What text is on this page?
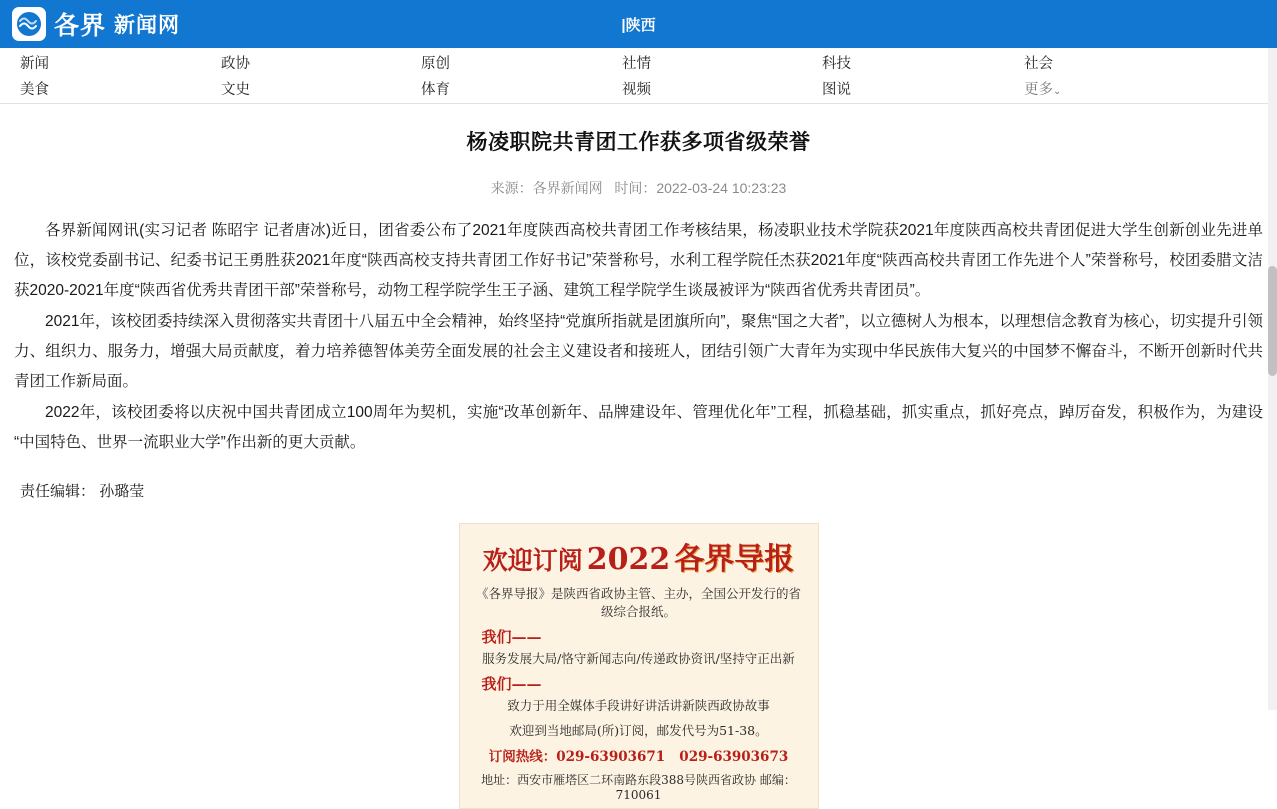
各界 新闻网	|陕西
新闻
美食
政协
文史
原创
体育
社情
视频
科技
图说
社会
更多⌄
杨凌职院共青团工作获多项省级荣誉
来源：各界新闻网 时间：2022-03-24 10:23:23

各界新闻网讯(实习记者 陈昭宇 记者唐冰)近日，团省委公布了2021年度陕西高校共青团工作考核结果，杨凌职业技术学院获2021年度陕西高校共青团促进大学生创新创业先进单位，该校党委副书记、纪委书记王勇胜获2021年度“陕西高校支持共青团工作好书记”荣誉称号，水利工程学院任杰获2021年度“陕西高校共青团工作先进个人”荣誉称号，校团委腊文洁获2020-2021年度“陕西省优秀共青团干部”荣誉称号，动物工程学院学生王子涵、建筑工程学院学生谈晟被评为“陕西省优秀共青团员”。

2021年，该校团委持续深入贯彻落实共青团十八届五中全会精神，始终坚持“党旗所指就是团旗所向”，聚焦“国之大者”，以立德树人为根本，以理想信念教育为核心，切实提升引领力、组织力、服务力，增强大局贡献度，着力培养德智体美劳全面发展的社会主义建设者和接班人，团结引领广大青年为实现中华民族伟大复兴的中国梦不懈奋斗，不断开创新时代共青团工作新局面。

2022年，该校团委将以庆祝中国共青团成立100周年为契机，实施“改革创新年、品牌建设年、管理优化年”工程，抓稳基础，抓实重点，抓好亮点，踔厉奋发，积极作为，为建设“中国特色、世界一流职业大学”作出新的更大贡献。

责任编辑： 孙璐莹
欢迎订阅 2022 各界导报
《各界导报》是陕西省政协主管、主办，全国公开发行的省级综合报纸。
我们——
服务发展大局/恪守新闻志向/传递政协资讯/坚持守正出新
我们——
致力于用全媒体手段讲好讲活讲新陕西政协故事
欢迎到当地邮局(所)订阅，邮发代号为51-38。
订阅热线：029-63903671 029-63903673
地址：西安市雁塔区二环南路东段388号陕西省政协 邮编：710061
